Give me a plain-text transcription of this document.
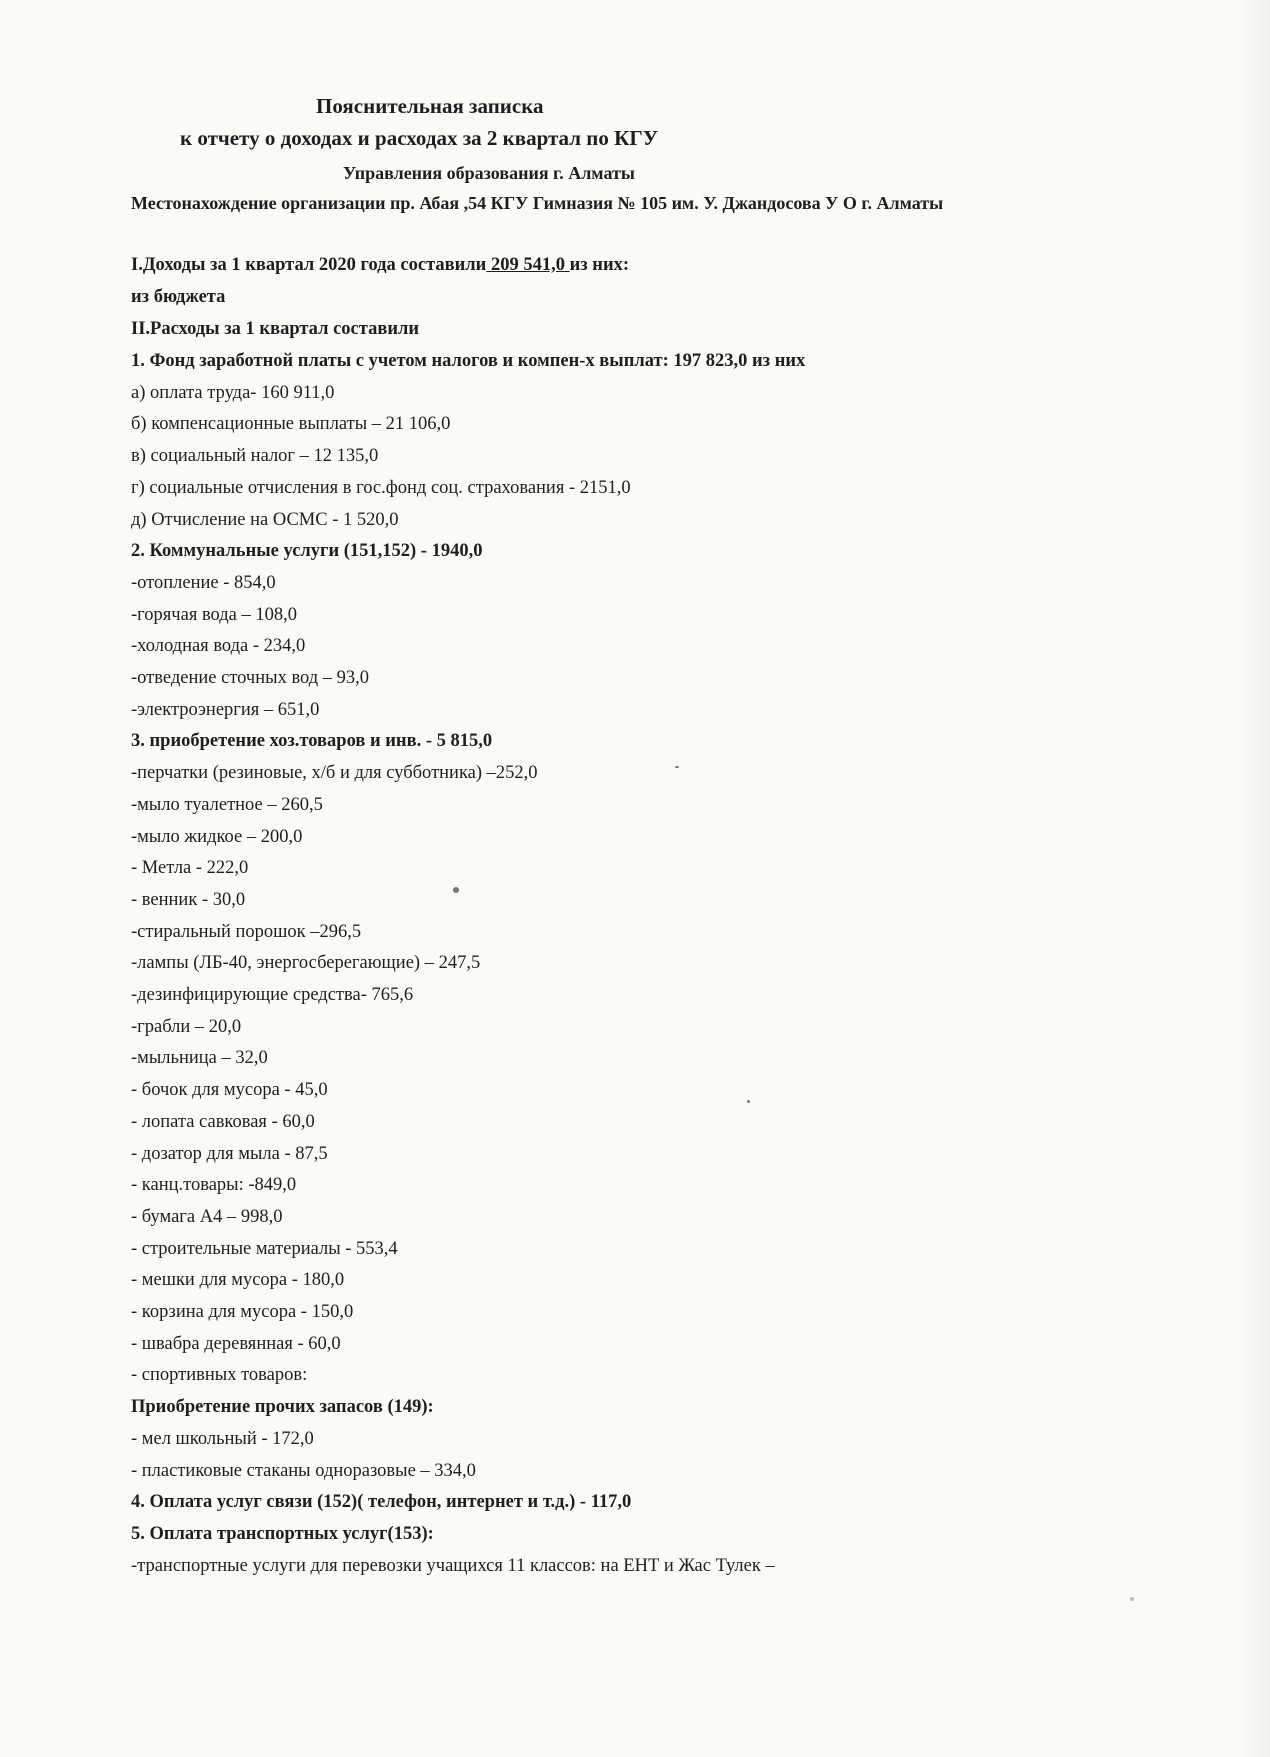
Пояснительная записка
к отчету о доходах и расходах за 2 квартал по КГУ
Управления образования г. Алматы
Местонахождение организации пр. Абая ,54 КГУ Гимназия № 105 им. У. Джандосова У О г. Алматы
I.Доходы за 1 квартал 2020 года составили 209 541,0 из них:
из бюджета
II.Расходы за 1 квартал составили
1. Фонд заработной платы с учетом налогов и компен-х выплат: 197 823,0 из них
а) оплата труда- 160 911,0
б) компенсационные выплаты – 21 106,0
в) социальный налог – 12 135,0
г) социальные отчисления в гос.фонд соц. страхования - 2151,0
д) Отчисление на ОСМС - 1 520,0
2. Коммунальные услуги (151,152) - 1940,0
-отопление - 854,0
-горячая вода – 108,0
-холодная вода - 234,0
-отведение сточных вод – 93,0
-электроэнергия – 651,0
3. приобретение хоз.товаров и инв. - 5 815,0
-перчатки (резиновые, х/б и для субботника) –252,0
-мыло туалетное – 260,5
-мыло жидкое – 200,0
- Метла - 222,0
- венник - 30,0
-стиральный порошок –296,5
-лампы (ЛБ-40, энергосберегающие) – 247,5
-дезинфицирующие средства- 765,6
-грабли – 20,0
-мыльница – 32,0
- бочок для мусора - 45,0
- лопата савковая - 60,0
- дозатор для мыла - 87,5
- канц.товары: -849,0
- бумага А4 – 998,0
- строительные материалы - 553,4
- мешки для мусора - 180,0
- корзина для мусора - 150,0
- швабра деревянная - 60,0
- спортивных товаров:
Приобретение прочих запасов (149):
- мел школьный - 172,0
- пластиковые стаканы одноразовые – 334,0
4. Оплата услуг связи (152)( телефон, интернет и т.д.) - 117,0
5. Оплата транспортных услуг(153):
-транспортные услуги для перевозки учащихся 11 классов: на ЕНТ и Жас Тулек –
